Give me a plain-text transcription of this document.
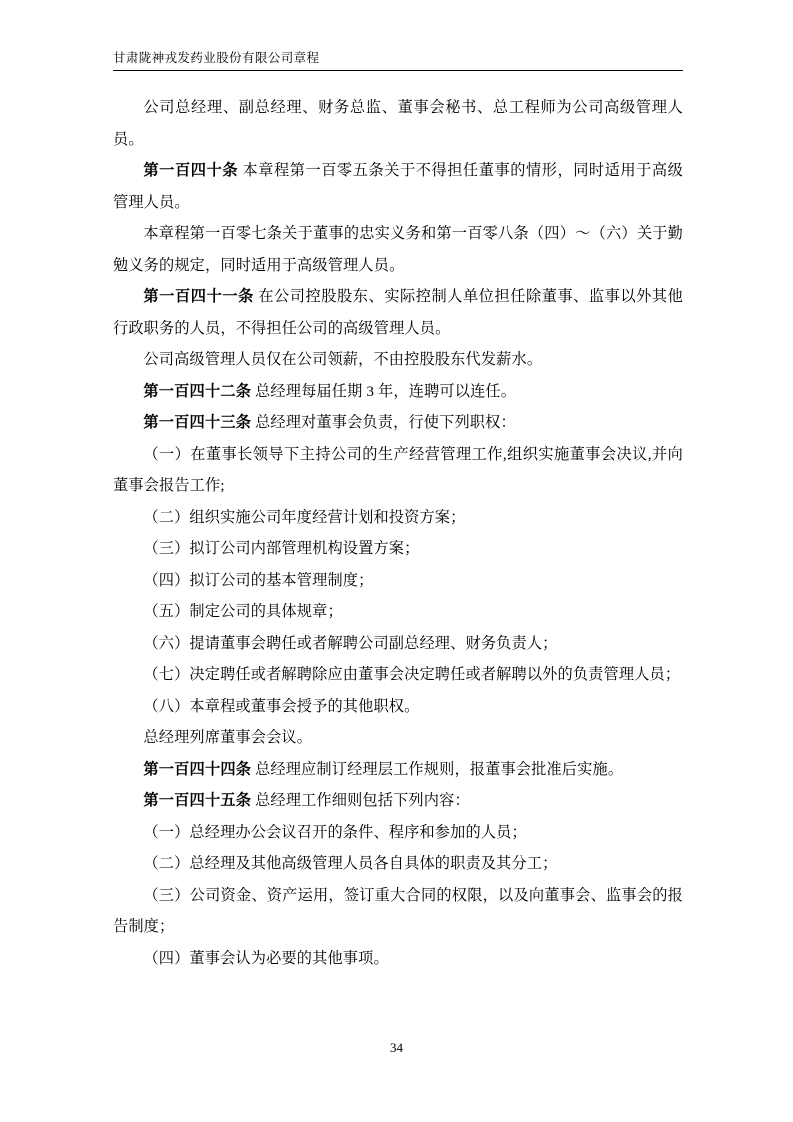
甘肃陇神戎发药业股份有限公司章程

公司总经理、副总经理、财务总监、董事会秘书、总工程师为公司高级管理人员。

第一百四十条 本章程第一百零五条关于不得担任董事的情形，同时适用于高级管理人员。

本章程第一百零七条关于董事的忠实义务和第一百零八条（四）～（六）关于勤勉义务的规定，同时适用于高级管理人员。

第一百四十一条 在公司控股股东、实际控制人单位担任除董事、监事以外其他行政职务的人员，不得担任公司的高级管理人员。

公司高级管理人员仅在公司领薪，不由控股股东代发薪水。

第一百四十二条 总经理每届任期 3 年，连聘可以连任。

第一百四十三条 总经理对董事会负责，行使下列职权：

（一）在董事长领导下主持公司的生产经营管理工作,组织实施董事会决议,并向董事会报告工作;

（二）组织实施公司年度经营计划和投资方案；

（三）拟订公司内部管理机构设置方案；

（四）拟订公司的基本管理制度；

（五）制定公司的具体规章；

（六）提请董事会聘任或者解聘公司副总经理、财务负责人；

（七）决定聘任或者解聘除应由董事会决定聘任或者解聘以外的负责管理人员；

（八）本章程或董事会授予的其他职权。

总经理列席董事会会议。

第一百四十四条 总经理应制订经理层工作规则，报董事会批准后实施。

第一百四十五条 总经理工作细则包括下列内容：

（一）总经理办公会议召开的条件、程序和参加的人员；

（二）总经理及其他高级管理人员各自具体的职责及其分工；

（三）公司资金、资产运用，签订重大合同的权限，以及向董事会、监事会的报告制度；

（四）董事会认为必要的其他事项。

34
